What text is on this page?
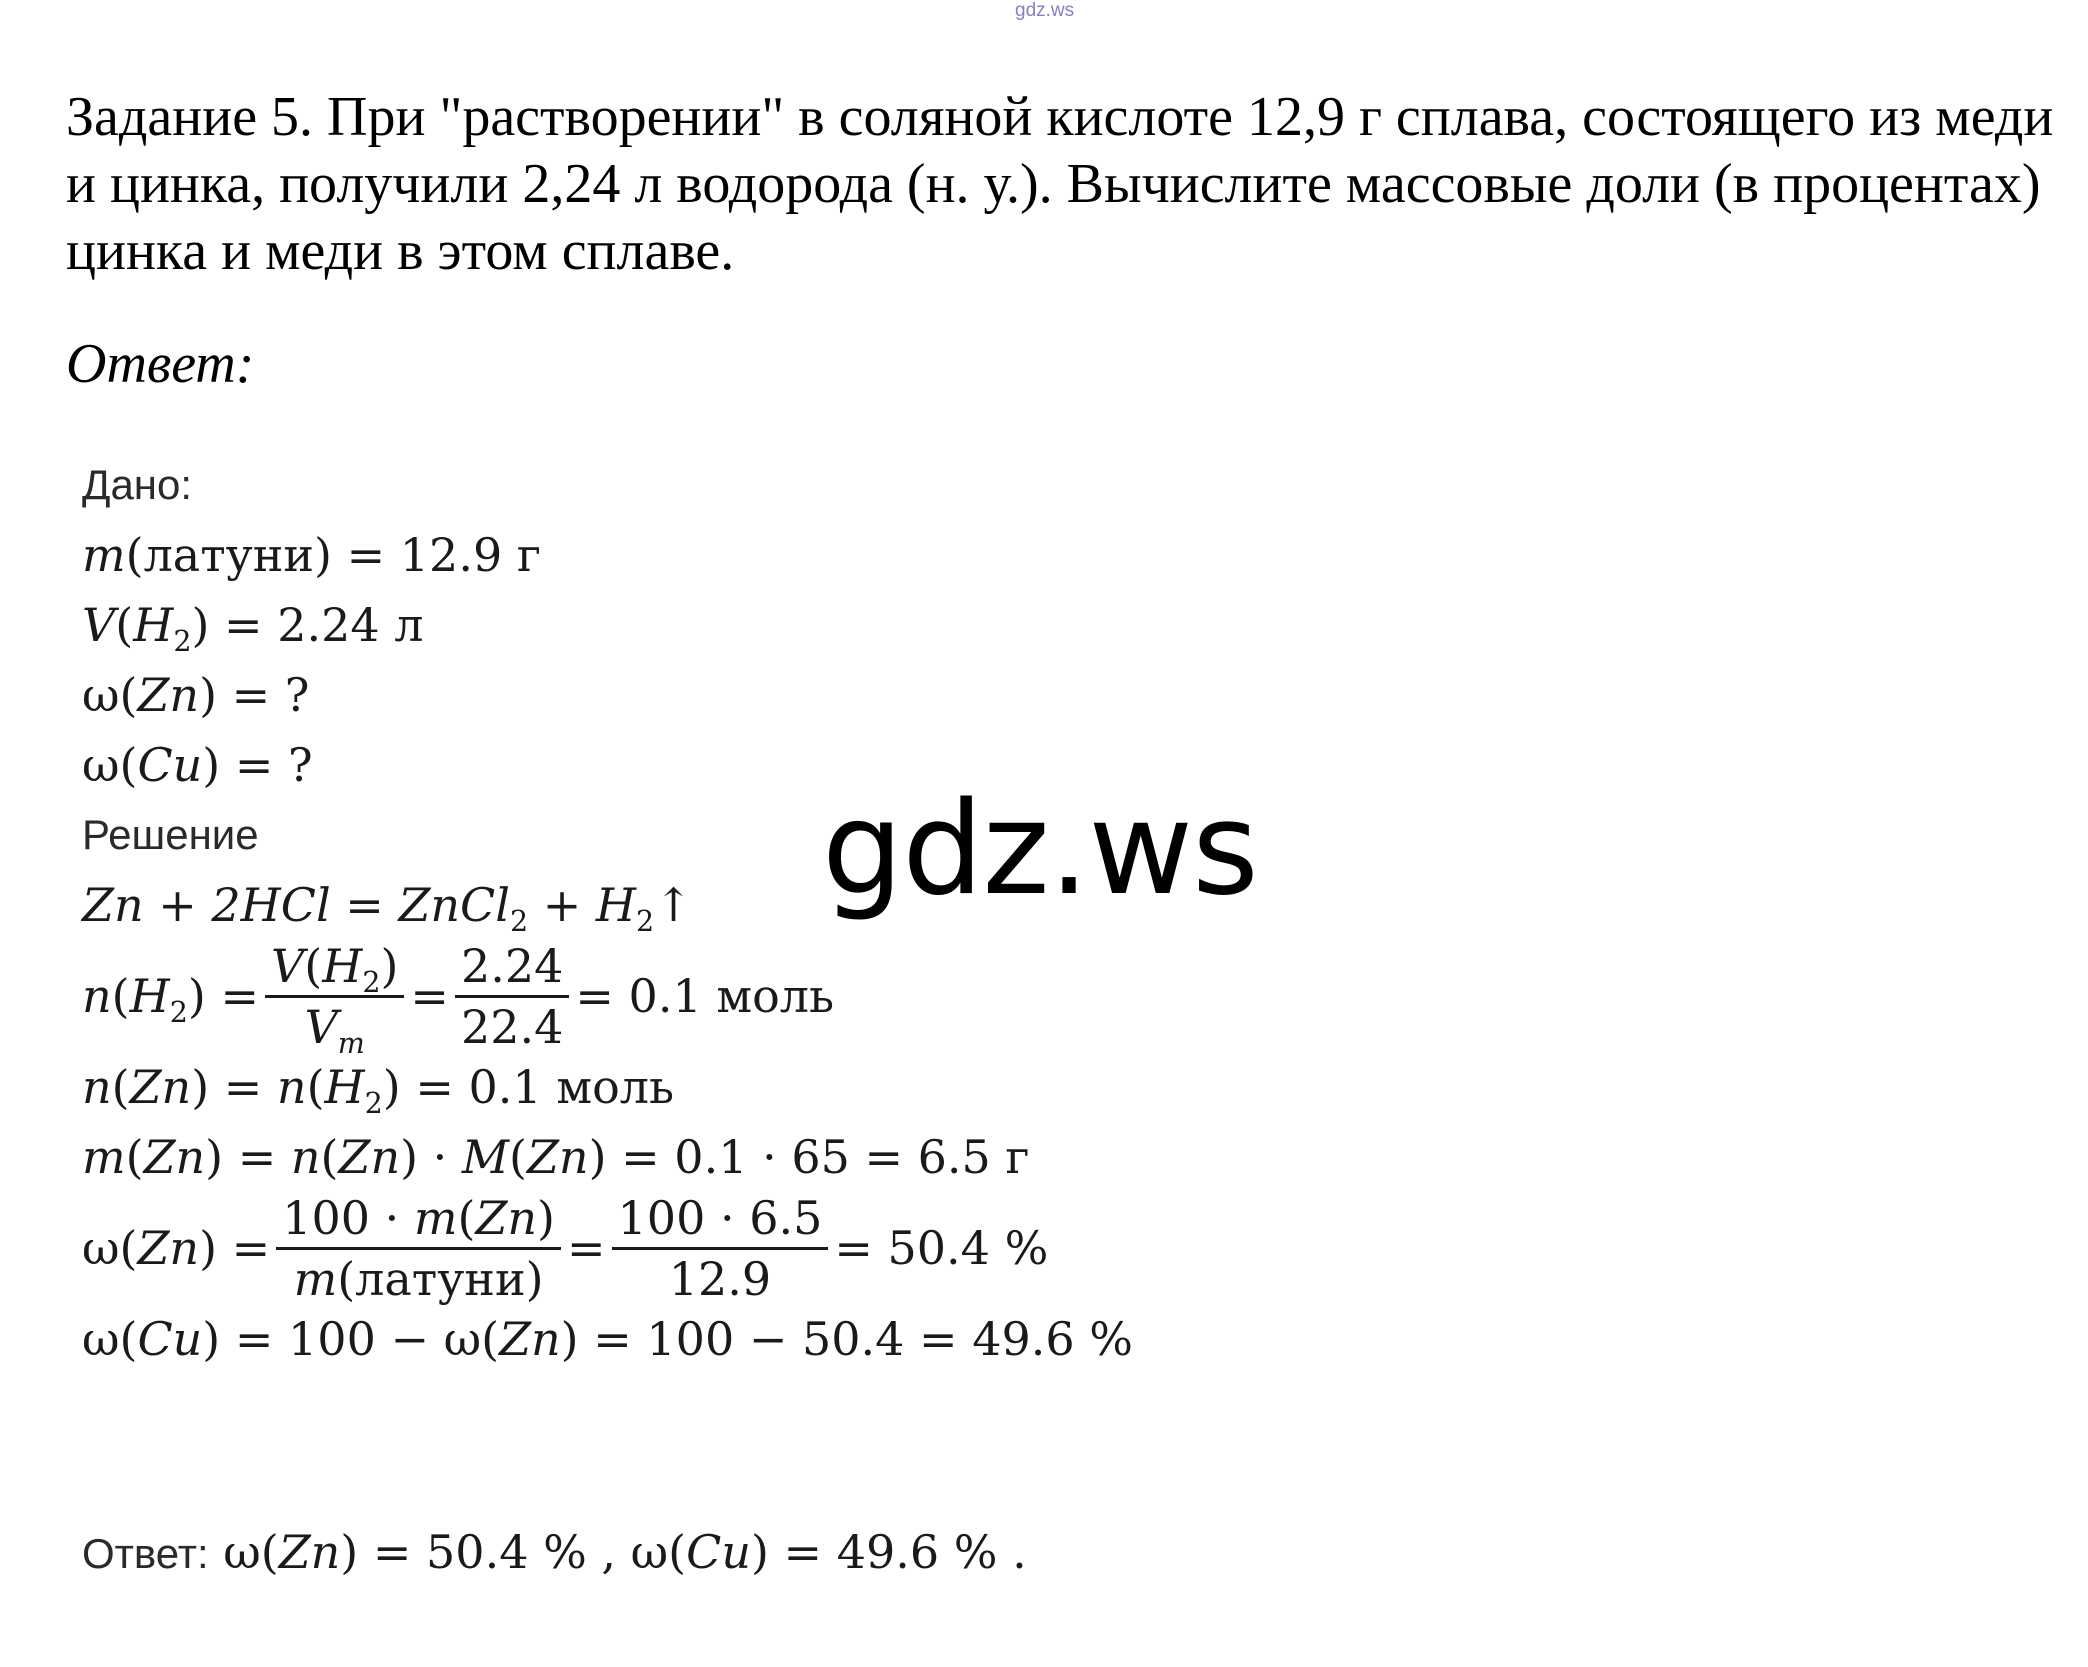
gdz.ws
Задание 5. При "растворении" в соляной кислоте 12,9 г сплава, состоящего из меди и цинка, получили 2,24 л водорода (н. у.). Вычислите массовые доли (в процентах) цинка и меди в этом сплаве.
Ответ:
Дано:
m(латуни) = 12.9 г
$V(H_2) = 2.24$ л
ω(Zn) = ?
ω(Cu) = ?
Решение
Zn + 2HCl = ZnCl$_2$ + $H_2↑$
$n(H_2) = \frac{V(H_2)}{V_m} = \frac{2.24}{22.4} = 0.1$ моль
$n(Zn) = n(H_2) = 0.1$ моль
m(Zn) = n(Zn) · M(Zn) = 0.1 · 65 = 6.5 г
$\omega(Zn) = \frac{100 \cdot m(Zn)}{\text{m(латуни)}} = \frac{100 \cdot 6.5}{12.9} = 50.4$ %
ω(Cu) = 100 − ω(Zn) = 100 − 50.4 = 49.6 %
gdz.ws
Ответ: ω(Zn) = 50.4 % , ω(Cu) = 49.6 % .
